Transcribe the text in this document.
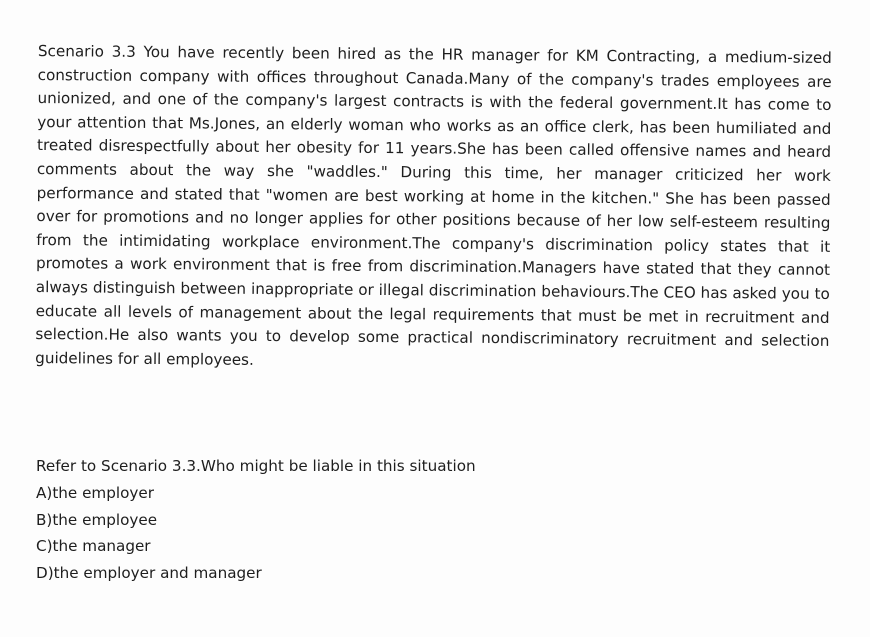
Scenario 3.3 You have recently been hired as the HR manager for KM Contracting, a medium-sized construction company with offices throughout Canada.Many of the company's trades employees are unionized, and one of the company's largest contracts is with the federal government.It has come to your attention that Ms.Jones, an elderly woman who works as an office clerk, has been humiliated and treated disrespectfully about her obesity for 11 years.She has been called offensive names and heard comments about the way she "waddles." During this time, her manager criticized her work performance and stated that "women are best working at home in the kitchen." She has been passed over for promotions and no longer applies for other positions because of her low self-esteem resulting from the intimidating workplace environment.The company's discrimination policy states that it promotes a work environment that is free from discrimination.Managers have stated that they cannot always distinguish between inappropriate or illegal discrimination behaviours.The CEO has asked you to educate all levels of management about the legal requirements that must be met in recruitment and selection.He also wants you to develop some practical nondiscriminatory recruitment and selection guidelines for all employees.

Refer to Scenario 3.3.Who might be liable in this situation

A)the employer
B)the employee
C)the manager
D)the employer and manager
